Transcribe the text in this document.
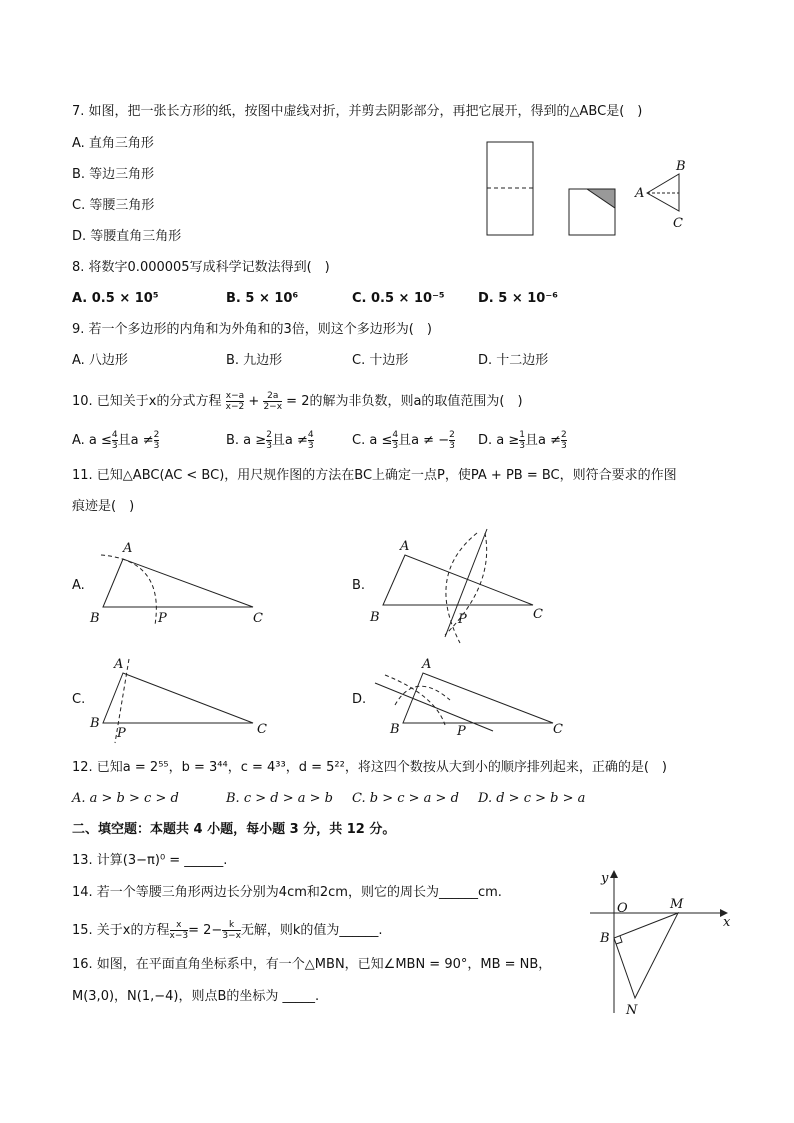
7. 如图，把一张长方形的纸，按图中虚线对折，并剪去阴影部分，再把它展开，得到的△ABC是(　)
A. 直角三角形
B. 等边三角形
C. 等腰三角形
D. 等腰直角三角形
B
A
C
8. 将数字0.000005写成科学记数法得到(　)
A. 0.5 × 10⁵	B. 5 × 10⁶	C. 0.5 × 10⁻⁵	D. 5 × 10⁻⁶
9. 若一个多边形的内角和为外角和的3倍，则这个多边形为(　)
A. 八边形	B. 九边形	C. 十边形	D. 十二边形
10. 已知关于x的分式方程 $\frac{x-a}{x-2} + \frac{2a}{2-x} = 2$的解为非负数，则a的取值范围为(　)
A. $a \le \frac{4}{3}$ 且$a \ne \frac{2}{3}$	B. $a \ge \frac{2}{3}$ 且$a \ne \frac{4}{3}$	C. $a \le \frac{4}{3}$ 且a ≠ − $\frac{2}{3} D$. $a \ge \frac{1}{3}$ 且$a \ne \frac{2}{3}$
11. 已知△ABC(AC < BC)，用尺规作图的方法在BC上确定一点P，使PA + PB = BC，则符合要求的作图
痕迹是(　)
A.
A
B	P	C
B.
A
B	P	C
C.
A
B
P	C
D.
A
B	P	C
12. 已知a = 2⁵⁵，b = 3⁴⁴，c = 4³³，d = 5²²，将这四个数按从大到小的顺序排列起来，正确的是(　)
A. a > b > c > d	B. c > d > a > b C. b > c > a > d D. d > c > b > a
二、填空题：本题共 4 小题，每小题 3 分，共 12 分。
13. 计算(3−π)⁰ = ______.
14. 若一个等腰三角形两边长分别为4cm和2cm，则它的周长为______cm.
15. 关于x的方程 $\frac{x}{x-3} = 2- \frac{k}{3-x}$ 无解，则k的值为______.
16. 如图，在平面直角坐标系中，有一个△MBN，已知∠MBN = 90°，MB = NB，
M(3,0)，N(1,−4)，则点B的坐标为 _____.
x
y
O	M
B
N
